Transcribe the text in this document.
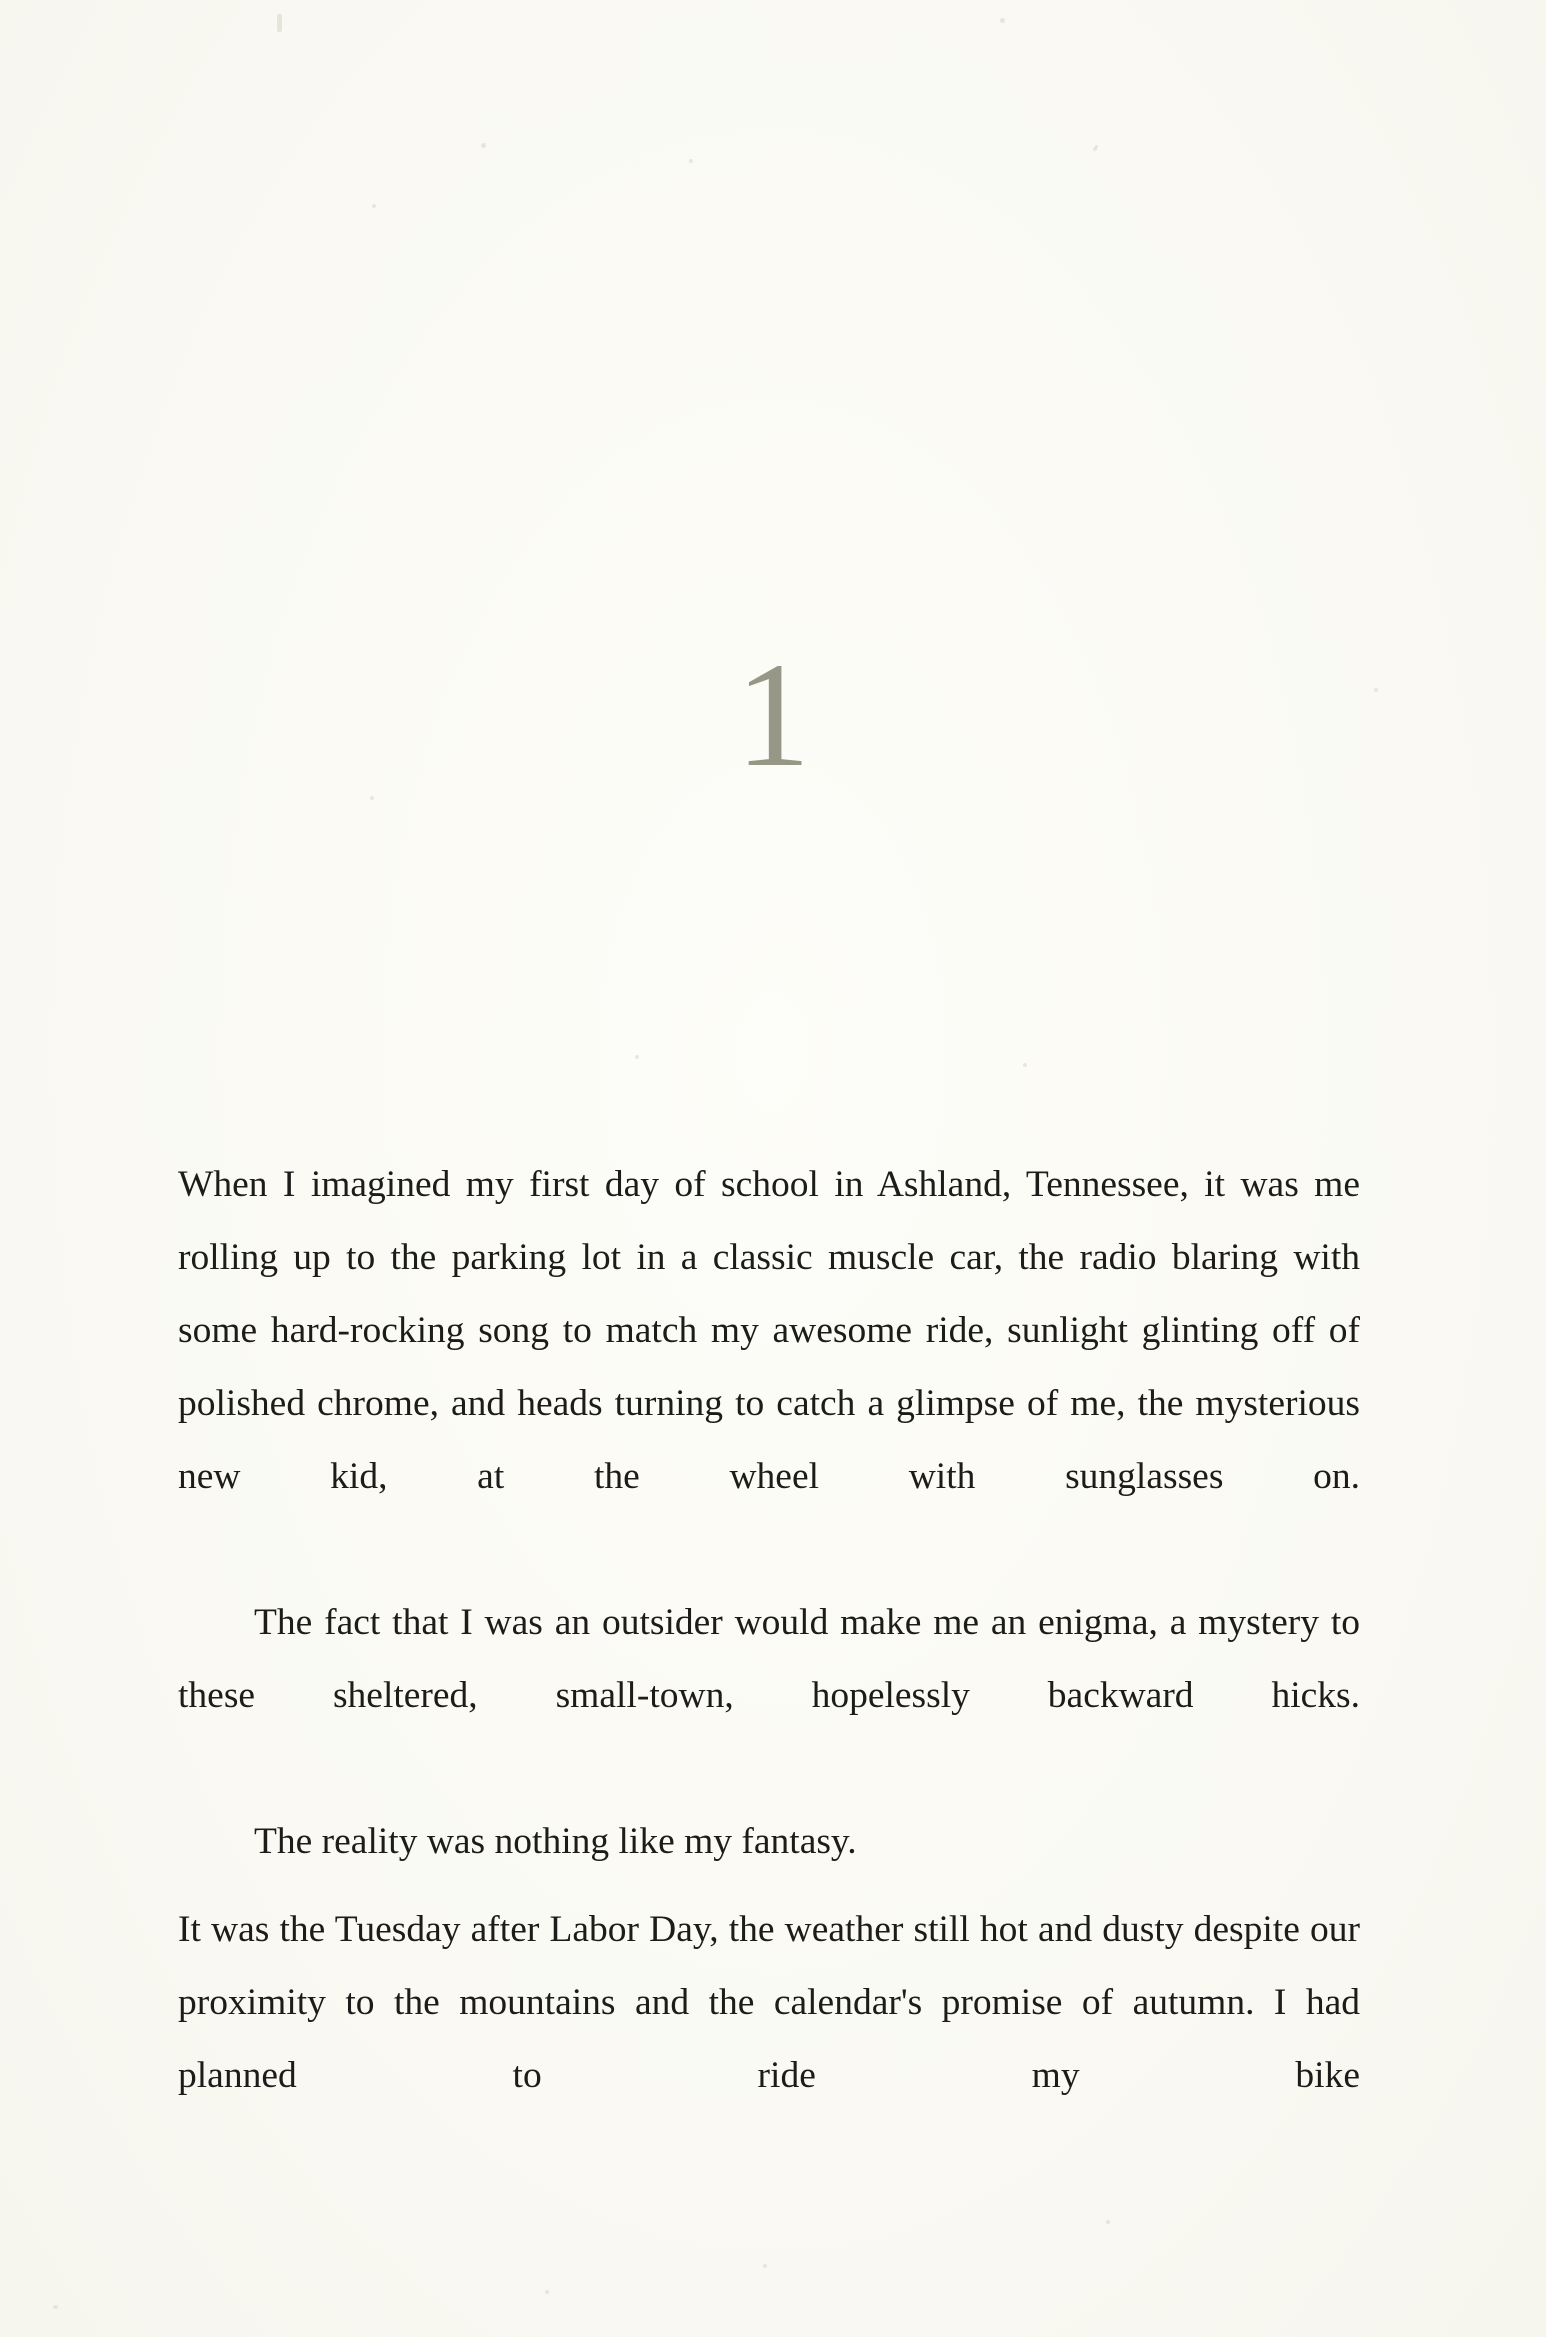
1

When I imagined my first day of school in Ashland, Tennessee, it was me rolling up to the parking lot in a classic muscle car, the radio blaring with some hard-rocking song to match my awesome ride, sunlight glinting off of polished chrome, and heads turning to catch a glimpse of me, the mysterious new kid, at the wheel with sunglasses on.

The fact that I was an outsider would make me an enigma, a mystery to these sheltered, small-town, hopelessly backward hicks.

The reality was nothing like my fantasy.

It was the Tuesday after Labor Day, the weather still hot and dusty despite our proximity to the mountains and the calendar's promise of autumn. I had planned to ride my bike
